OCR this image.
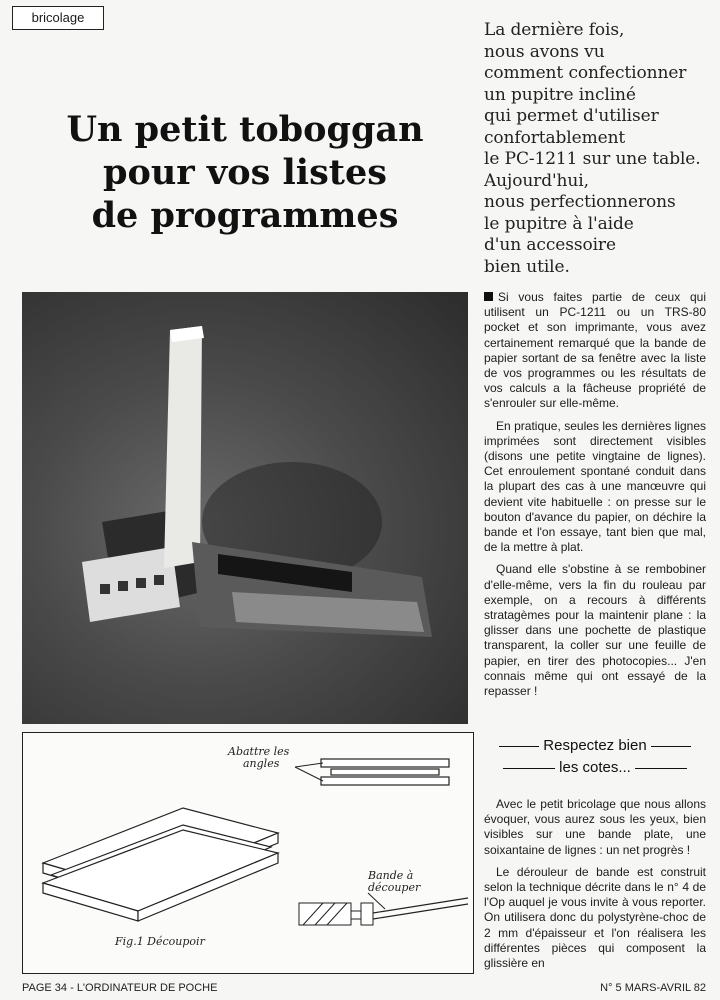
bricolage
Un petit toboggan
pour vos listes
de programmes
La dernière fois,
nous avons vu
comment confectionner
un pupitre incliné
qui permet d'utiliser
confortablement
le PC-1211 sur une table.
Aujourd'hui,
nous perfectionnerons
le pupitre à l'aide
d'un accessoire
bien utile.

Si vous faites partie de ceux qui utilisent un PC-1211 ou un TRS-80 pocket et son imprimante, vous avez certainement remarqué que la bande de papier sortant de sa fenêtre avec la liste de vos programmes ou les résultats de vos calculs a la fâcheuse propriété de s'enrouler sur elle-même.

En pratique, seules les dernières lignes imprimées sont directement visibles (disons une petite vingtaine de lignes). Cet enroulement spontané conduit dans la plupart des cas à une manœuvre qui devient vite habituelle : on presse sur le bouton d'avance du papier, on déchire la bande et l'on essaye, tant bien que mal, de la mettre à plat.

Quand elle s'obstine à se rembobiner d'elle-même, vers la fin du rouleau par exemple, on a recours à différents stratagèmes pour la maintenir plane : la glisser dans une pochette de plastique transparent, la coller sur une feuille de papier, en tirer des photocopies... J'en connais même qui ont essayé de la repasser !

Abattre les
angles
Bande à
découper
Fig.1 Découpoir
Respectez bien
les cotes...

Avec le petit bricolage que nous allons évoquer, vous aurez sous les yeux, bien visibles sur une bande plate, une soixantaine de lignes : un net progrès !

Le dérouleur de bande est construit selon la technique décrite dans le n° 4 de l'Op auquel je vous invite à vous reporter. On utilisera donc du polystyrène-choc de 2 mm d'épaisseur et l'on réalisera les différentes pièces qui composent la glissière en

PAGE 34 - L'ORDINATEUR DE POCHE	N° 5 MARS-AVRIL 82
